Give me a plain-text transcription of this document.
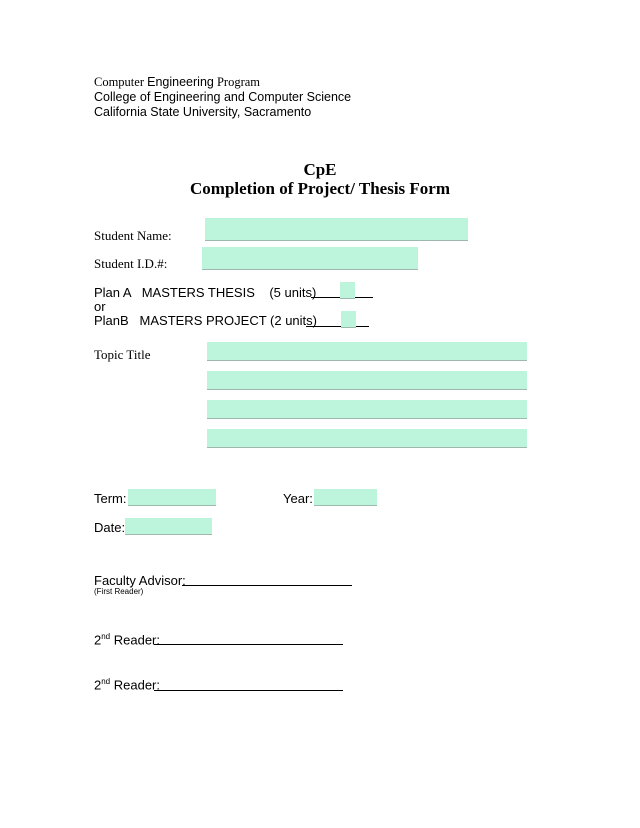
Computer Engineering Program
College of Engineering and Computer Science
California State University, Sacramento
CpE
Completion of Project/ Thesis Form
Student Name:
Student I.D.#:
Plan A   MASTERS THESIS    (5 units)
or
PlanB   MASTERS PROJECT (2 units)
Topic Title
Term:	Year:
Date:
Faculty Advisor:
(First Reader)
2nd Reader:
2nd Reader:
